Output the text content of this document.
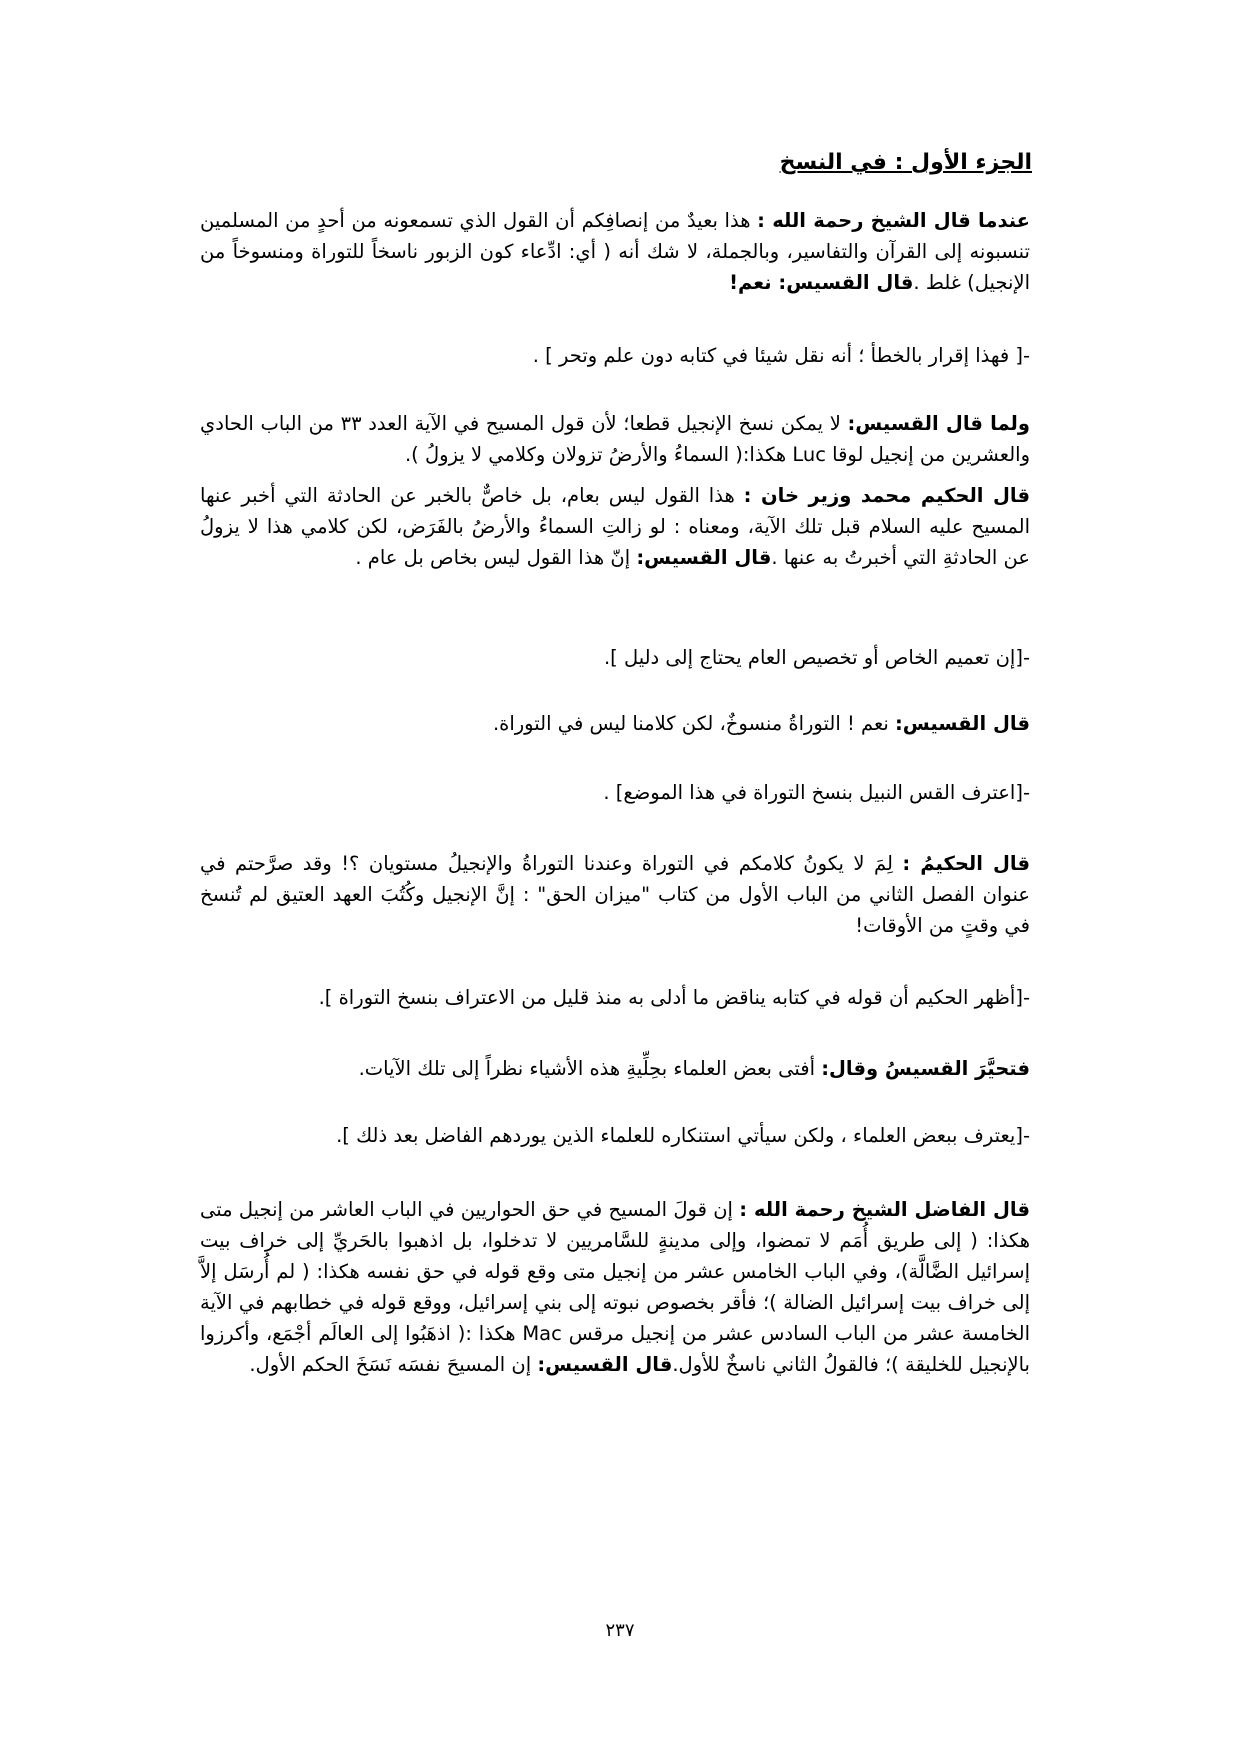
الجزء الأول : في النسخ
عندما قال الشيخ رحمة الله : هذا بعيدٌ من إنصافِكم أن القول الذي تسمعونه من أحدٍ من المسلمين تنسبونه إلى القرآن والتفاسير، وبالجملة، لا شك أنه ( أي: ادِّعاء كون الزبور ناسخاً للتوراة ومنسوخاً من الإنجيل) غلط .قال القسيس: نعم!
-[ فهذا إقرار بالخطأ ؛ أنه نقل شيئا في كتابه دون علم وتحر ] .
ولما قال القسيس: لا يمكن نسخ الإنجيل قطعا؛ لأن قول المسيح في الآية العدد ٣٣ من الباب الحادي والعشرين من إنجيل لوقا Luc هكذا:( السماءُ والأرضُ تزولان وكلامي لا يزولُ ).
قال الحكيم محمد وزير خان : هذا القول ليس بعام، بل خاصٌّ بالخبر عن الحادثة التي أخبر عنها المسيح عليه السلام قبل تلك الآية، ومعناه : لو زالتِ السماءُ والأرضُ بالفَرَض، لكن كلامي هذا لا يزولُ عن الحادثةِ التي أخبرتُ به عنها .قال القسيس: إنّ هذا القول ليس بخاص بل عام .
-[إن تعميم الخاص أو تخصيص العام يحتاج إلى دليل ].
قال القسيس: نعم ! التوراةُ منسوخٌ، لكن كلامنا ليس في التوراة.
-[اعترف القس النبيل بنسخ التوراة في هذا الموضع] .
قال الحكيمُ : لِمَ لا يكونُ كلامكم في التوراة وعندنا التوراةُ والإنجيلُ مستويان ؟! وقد صرَّحتم في عنوان الفصل الثاني من الباب الأول من كتاب "ميزان الحق" : إنَّ الإنجيل وكُتُبَ العهد العتيق لم تُنسخ في وقتٍ من الأوقات!
-[أظهر الحكيم أن قوله في كتابه يناقض ما أدلى به منذ قليل من الاعتراف بنسخ التوراة ].
فتحيَّرَ القسيسُ وقال: أفتى بعض العلماء بحِلِّيةِ هذه الأشياء نظراً إلى تلك الآيات.
-[يعترف ببعض العلماء ، ولكن سيأتي استنكاره للعلماء الذين يوردهم الفاضل بعد ذلك ].
قال الفاضل الشيخ رحمة الله : إن قولَ المسيح في حق الحواريين في الباب العاشر من إنجيل متى هكذا: ( إلى طريق أُمَم لا تمضوا، وإلى مدينةٍ للسَّامريين لا تدخلوا، بل اذهبوا بالحَريِّ إلى خراف بيت إسرائيل الضَّالَّة)، وفي الباب الخامس عشر من إنجيل متى وقع قوله في حق نفسه هكذا: ( لم أُرسَل إلاَّ إلى خراف بيت إسرائيل الضالة )؛ فأقر بخصوص نبوته إلى بني إسرائيل، ووقع قوله في خطابهم في الآية الخامسة عشر من الباب السادس عشر من إنجيل مرقس Mac هكذا :( اذهَبُوا إلى العالَم أجْمَع، وأكرزوا بالإنجيل للخليقة )؛ فالقولُ الثاني ناسخٌ للأول.قال القسيس: إن المسيحَ نفسَه نَسَخَ الحكم الأول.
٢٣٧
